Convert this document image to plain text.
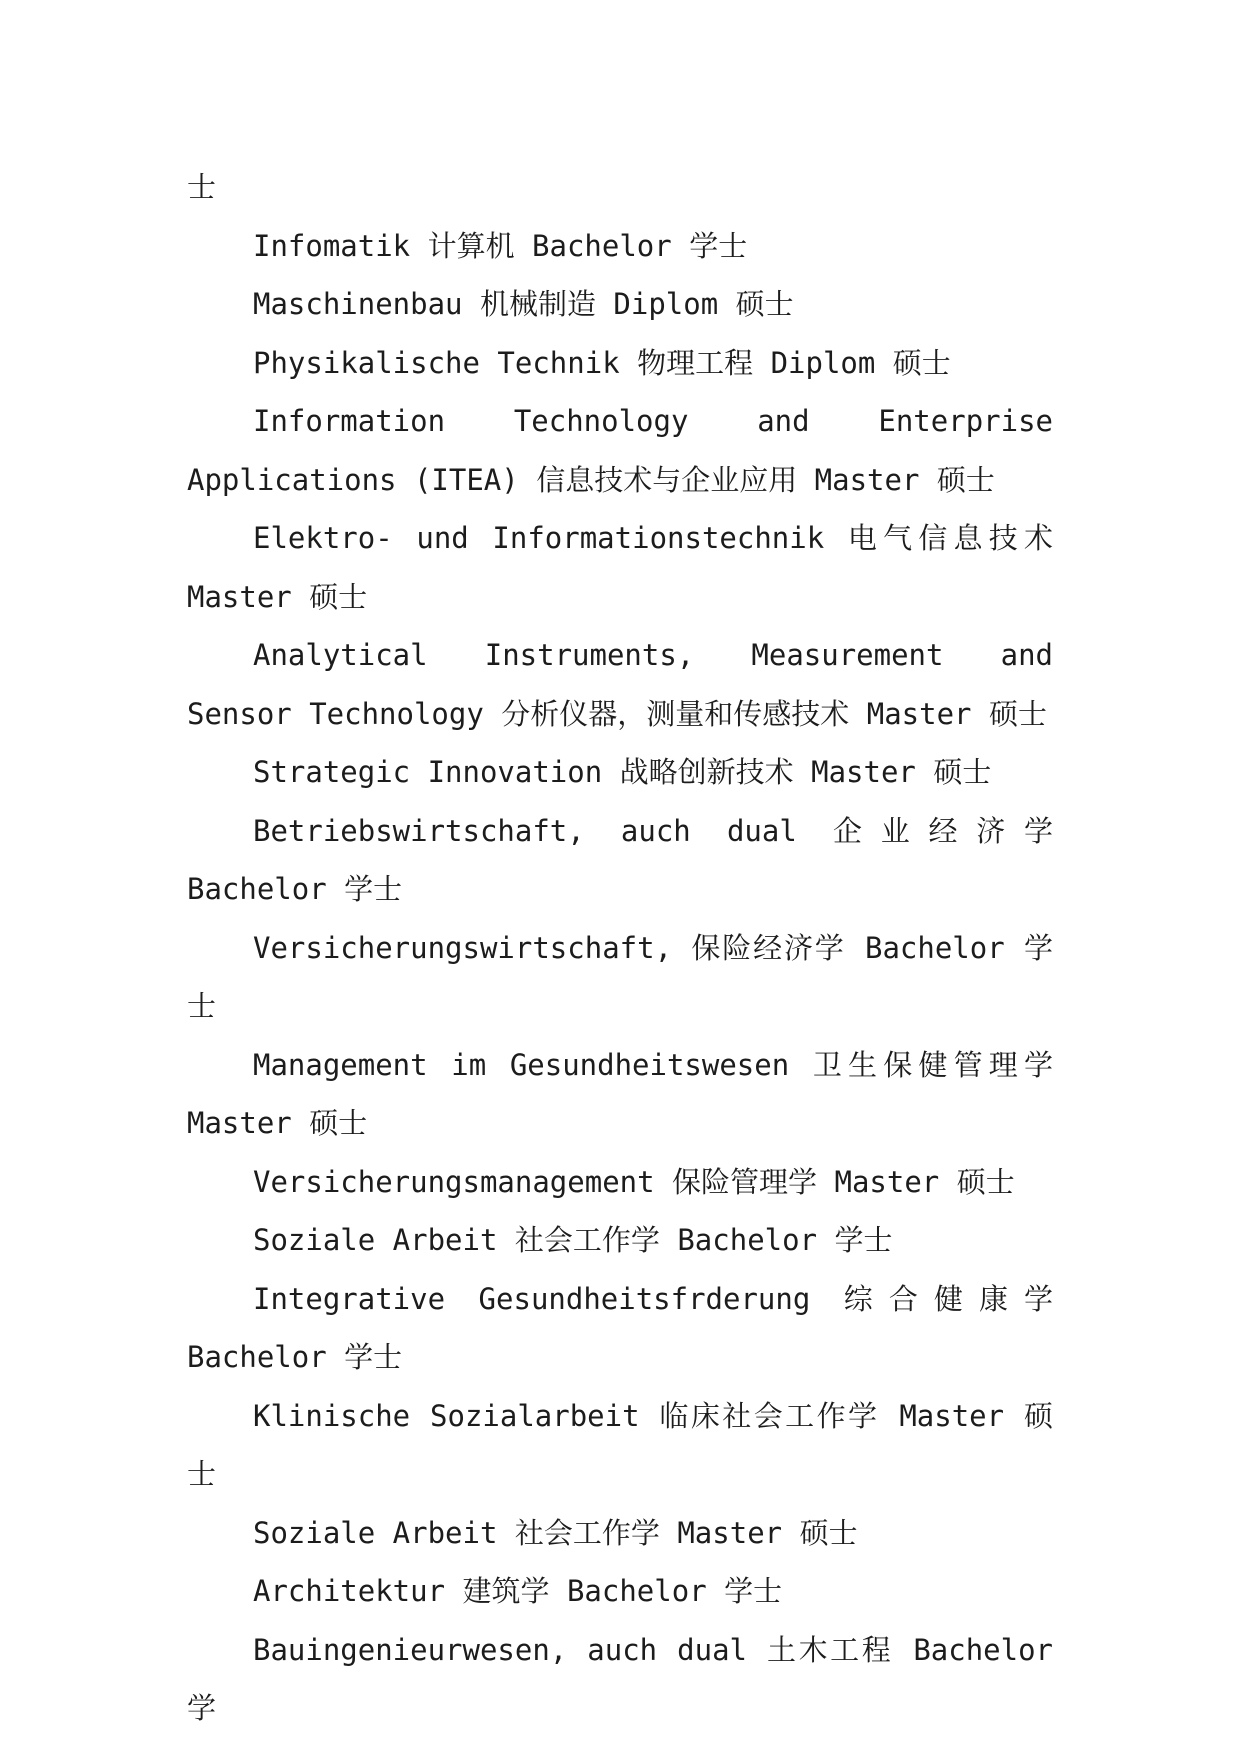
士

Infomatik 计算机 Bachelor 学士

Maschinenbau 机械制造 Diplom 硕士

Physikalische Technik 物理工程 Diplom 硕士

Information Technology and Enterprise Applications (ITEA) 信息技术与企业应用 Master 硕士

Elektro- und Informationstechnik 电气信息技术 Master 硕士

Analytical Instruments, Measurement and Sensor Technology 分析仪器，测量和传感技术 Master 硕士

Strategic Innovation 战略创新技术 Master 硕士

Betriebswirtschaft, auch dual 企业经济学 Bachelor 学士

Versicherungswirtschaft, 保险经济学 Bachelor 学士

Management im Gesundheitswesen 卫生保健管理学 Master 硕士

Versicherungsmanagement 保险管理学 Master 硕士

Soziale Arbeit 社会工作学 Bachelor 学士

Integrative Gesundheitsfrderung 综合健康学 Bachelor 学士

Klinische Sozialarbeit 临床社会工作学 Master 硕士

Soziale Arbeit 社会工作学 Master 硕士

Architektur 建筑学 Bachelor 学士

Bauingenieurwesen, auch dual 土木工程 Bachelor 学
